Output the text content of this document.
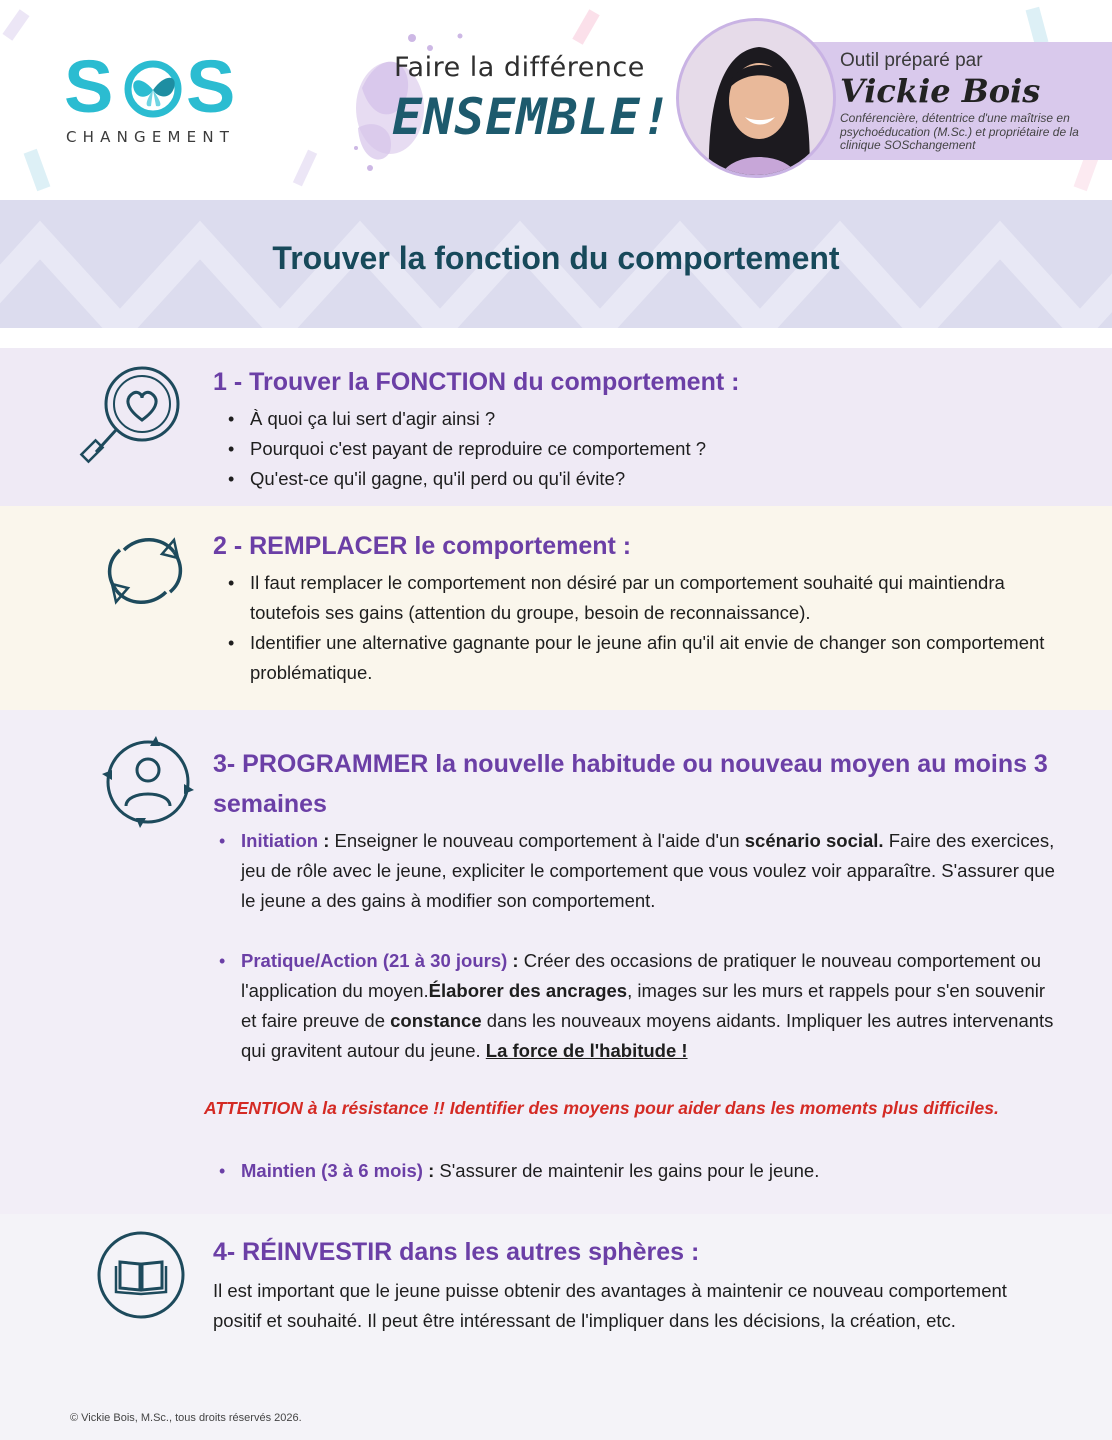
S S
CHANGEMENT
Faire la différence
ENSEMBLE!
Outil préparé par
Vickie Bois
Conférencière, détentrice d'une maîtrise en psychoéducation (M.Sc.) et propriétaire de la clinique SOSchangement
Trouver la fonction du comportement
1 - Trouver la FONCTION du comportement :
• À quoi ça lui sert d'agir ainsi ?
• Pourquoi c'est payant de reproduire ce comportement ?
• Qu'est-ce qu'il gagne, qu'il perd ou qu'il évite?
2 - REMPLACER le comportement :
• Il faut remplacer le comportement non désiré par un comportement souhaité qui maintiendra toutefois ses gains (attention du groupe, besoin de reconnaissance).
• Identifier une alternative gagnante pour le jeune afin qu'il ait envie de changer son comportement problématique.
3- PROGRAMMER la nouvelle habitude ou nouveau moyen au moins 3 semaines
• Initiation : Enseigner le nouveau comportement à l'aide d'un scénario social. Faire des exercices, jeu de rôle avec le jeune, expliciter le comportement que vous voulez voir apparaître. S'assurer que le jeune a des gains à modifier son comportement.
• Pratique/Action (21 à 30 jours) : Créer des occasions de pratiquer le nouveau comportement ou l'application du moyen.Élaborer des ancrages, images sur les murs et rappels pour s'en souvenir et faire preuve de constance dans les nouveaux moyens aidants. Impliquer les autres intervenants qui gravitent autour du jeune. La force de l'habitude !
ATTENTION à la résistance !! Identifier des moyens pour aider dans les moments plus difficiles.
• Maintien (3 à 6 mois) : S'assurer de maintenir les gains pour le jeune.
4- RÉINVESTIR dans les autres sphères :
Il est important que le jeune puisse obtenir des avantages à maintenir ce nouveau comportement positif et souhaité. Il peut être intéressant de l'impliquer dans les décisions, la création, etc.
© Vickie Bois, M.Sc., tous droits réservés 2026.
